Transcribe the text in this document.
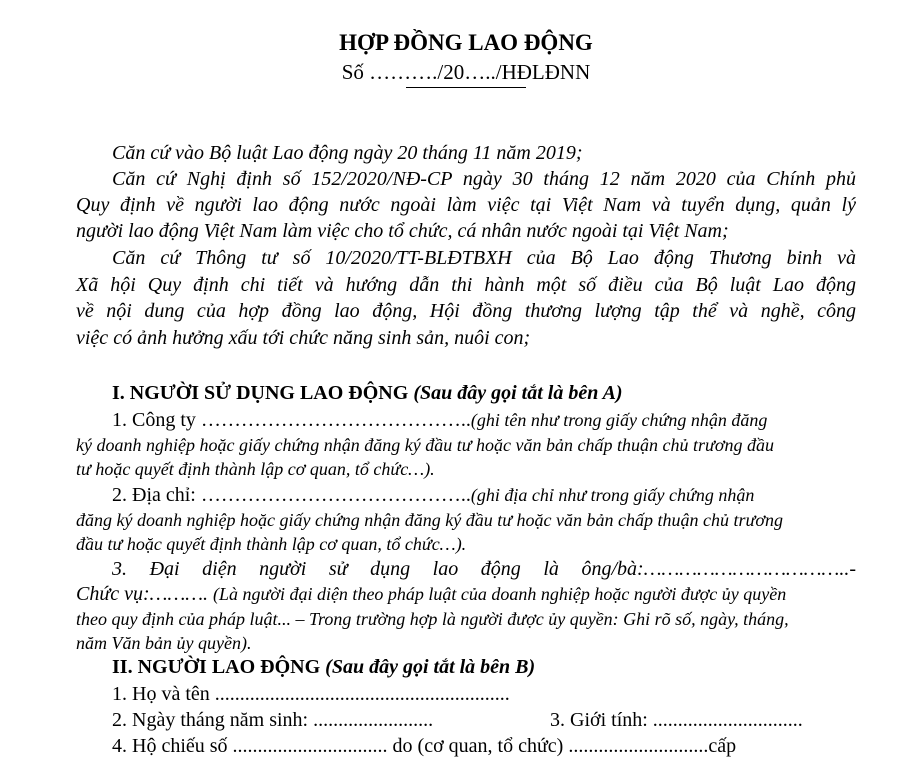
HỢP ĐỒNG LAO ĐỘNG
Số ………./20…../HĐLĐNN
Căn cứ vào Bộ luật Lao động ngày 20 tháng 11 năm 2019;
Căn cứ Nghị định số 152/2020/NĐ-CP ngày 30 tháng 12 năm 2020 của Chính phủ
Quy định về người lao động nước ngoài làm việc tại Việt Nam và tuyển dụng, quản lý
người lao động Việt Nam làm việc cho tổ chức, cá nhân nước ngoài tại Việt Nam;
Căn cứ Thông tư số 10/2020/TT-BLĐTBXH của Bộ Lao động Thương binh và
Xã hội Quy định chi tiết và hướng dẫn thi hành một số điều của Bộ luật Lao động
về nội dung của hợp đồng lao động, Hội đồng thương lượng tập thể và nghề, công
việc có ảnh hưởng xấu tới chức năng sinh sản, nuôi con;
I. NGƯỜI SỬ DỤNG LAO ĐỘNG (Sau đây gọi tắt là bên A)
1. Công ty …………………………………..(ghi tên như trong giấy chứng nhận đăng
ký doanh nghiệp hoặc giấy chứng nhận đăng ký đầu tư hoặc văn bản chấp thuận chủ trương đầu
tư hoặc quyết định thành lập cơ quan, tổ chức…).
2. Địa chỉ: …………………………………..(ghi địa chỉ như trong giấy chứng nhận
đăng ký doanh nghiệp hoặc giấy chứng nhận đăng ký đầu tư hoặc văn bản chấp thuận chủ trương
đầu tư hoặc quyết định thành lập cơ quan, tổ chức…).
3. Đại diện người sử dụng lao động là ông/bà:……………………………..-
Chức vụ:………. (Là người đại diện theo pháp luật của doanh nghiệp hoặc người được ủy quyền
theo quy định của pháp luật... – Trong trường hợp là người được ủy quyền: Ghi rõ số, ngày, tháng,
năm Văn bản ủy quyền).
II. NGƯỜI LAO ĐỘNG (Sau đây gọi tắt là bên B)
1. Họ và tên ...........................................................
2. Ngày tháng năm sinh: ........................	3. Giới tính: ..............................
4. Hộ chiếu số ............................... do (cơ quan, tổ chức) ............................cấp
